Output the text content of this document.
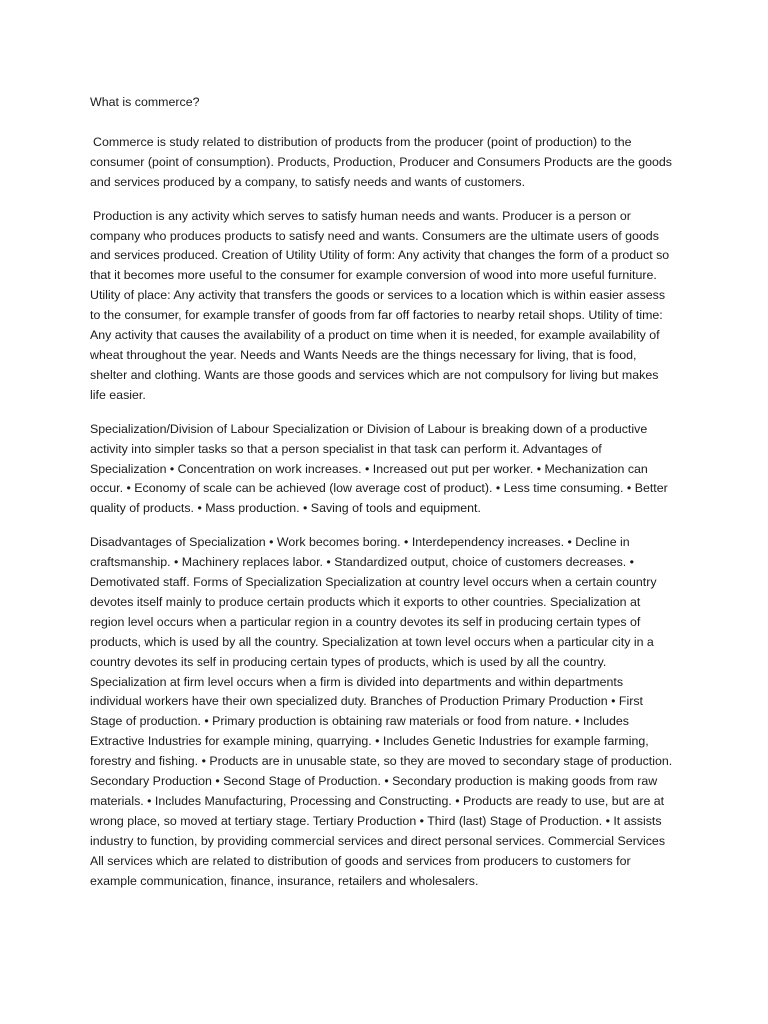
What is commerce?

Commerce is study related to distribution of products from the producer (point of production) to the consumer (point of consumption). Products, Production, Producer and Consumers Products are the goods and services produced by a company, to satisfy needs and wants of customers.

Production is any activity which serves to satisfy human needs and wants. Producer is a person or company who produces products to satisfy need and wants. Consumers are the ultimate users of goods and services produced. Creation of Utility Utility of form: Any activity that changes the form of a product so that it becomes more useful to the consumer for example conversion of wood into more useful furniture. Utility of place: Any activity that transfers the goods or services to a location which is within easier assess to the consumer, for example transfer of goods from far off factories to nearby retail shops. Utility of time: Any activity that causes the availability of a product on time when it is needed, for example availability of wheat throughout the year. Needs and Wants Needs are the things necessary for living, that is food, shelter and clothing. Wants are those goods and services which are not compulsory for living but makes life easier.

Specialization/Division of Labour Specialization or Division of Labour is breaking down of a productive activity into simpler tasks so that a person specialist in that task can perform it. Advantages of Specialization • Concentration on work increases. • Increased out put per worker. • Mechanization can occur. • Economy of scale can be achieved (low average cost of product). • Less time consuming. • Better quality of products. • Mass production. • Saving of tools and equipment.

Disadvantages of Specialization • Work becomes boring. • Interdependency increases. • Decline in craftsmanship. • Machinery replaces labor. • Standardized output, choice of customers decreases. • Demotivated staff. Forms of Specialization Specialization at country level occurs when a certain country devotes itself mainly to produce certain products which it exports to other countries. Specialization at region level occurs when a particular region in a country devotes its self in producing certain types of products, which is used by all the country. Specialization at town level occurs when a particular city in a country devotes its self in producing certain types of products, which is used by all the country. Specialization at firm level occurs when a firm is divided into departments and within departments individual workers have their own specialized duty. Branches of Production Primary Production • First Stage of production. • Primary production is obtaining raw materials or food from nature. • Includes Extractive Industries for example mining, quarrying. • Includes Genetic Industries for example farming, forestry and fishing. • Products are in unusable state, so they are moved to secondary stage of production. Secondary Production • Second Stage of Production. • Secondary production is making goods from raw materials. • Includes Manufacturing, Processing and Constructing. • Products are ready to use, but are at wrong place, so moved at tertiary stage. Tertiary Production • Third (last) Stage of Production. • It assists industry to function, by providing commercial services and direct personal services. Commercial Services All services which are related to distribution of goods and services from producers to customers for example communication, finance, insurance, retailers and wholesalers.
